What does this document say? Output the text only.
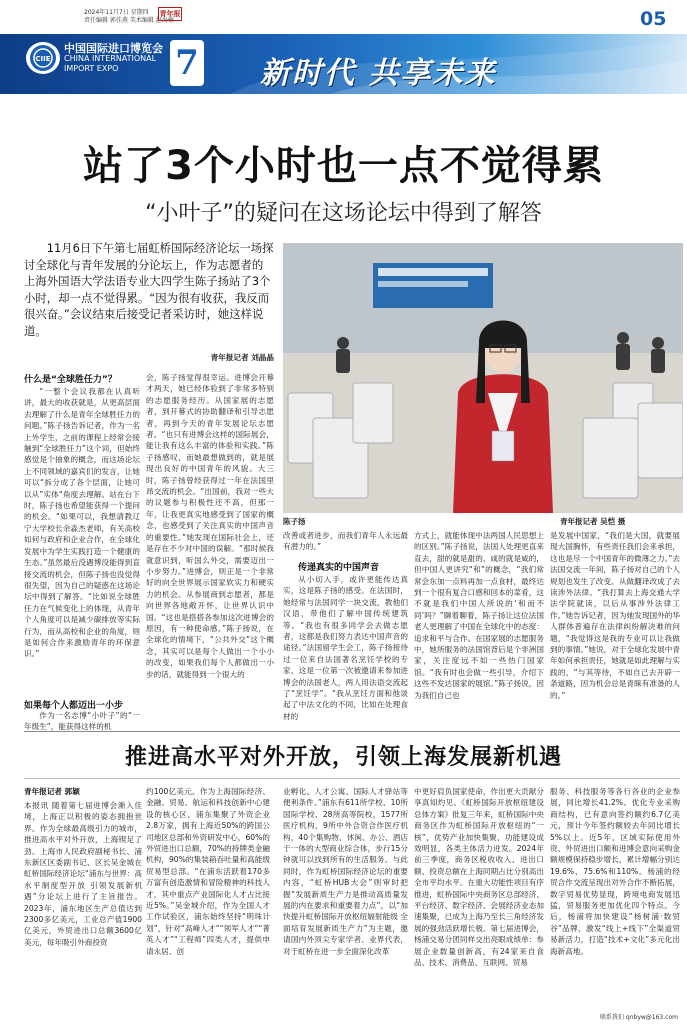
2024年11月7日 星期四
责任编辑 郭佳燕 美术编辑 赵海楠
青年报	05
CIIE
中国国际进口博览会
CHINA INTERNATIONAL
IMPORT EXPO	7 新时代 共享未来
站了3个小时也一点不觉得累
“小叶子”的疑问在这场论坛中得到了解答
11月6日下午第七届虹桥国际经济论坛一场探讨全球化与青年发展的分论坛上，作为志愿者的上海外国语大学法语专业大四学生陈子扬站了3个小时，却一点不觉得累。“因为很有收获，我反而很兴奋。”会议结束后接受记者采访时，她这样说道。
青年报记者 刘晶晶
陈子扬	青年报记者 吴恺 摄
什么是“全球胜任力”？
“一整个会议我都在认真听讲，最大的收获就是，从更高层面去理解了什么是青年全球胜任力的问题。”陈子扬告诉记者，作为一名上外学生，之前的课程上经常会接触到“全球胜任力”这个词，但始终感觉是个抽象的概念，而这场论坛上不同领域的嘉宾们的发言，让她可以“拆分成了各个层面，让她可以从”实体“角度去理解。站在台下时，陈子扬也希望能获得一个提问的机会。“如果可以，我想请教辽宁大学校长余淼杰老师，有关高校如何与政府和企业合作，在全球化发展中为学生实践打造一个健康的生态。”虽然最后没遇博没能得到直接交流的机会，但陈子扬也没觉得很失望，因为自己的疑惑在这场论坛中得到了解答。“比如说全球胜任力在气候变化上的体现，从青年个人角度可以是减少碳排放等实际行为，而从高校和企业的角度，则是如何合作来激励青年的环保意识。”
如果每个人都迈出一小步
作为一名志博“小叶子”的“一年级生”，能获得这样的机
会，陈子扬觉得很幸运。进博会开幕才两天，她已经体验到了非常多特别的志愿服务经历。从国家展的志愿者，到开幕式的协助翻译和引导志愿者，再到今天的青年发展论坛志愿者。“也只有进博会这样的国际展会，能让我有这么丰富的体验和实践。”陈子扬感叹，而她最想做到的，就是展现出良好的中国青年的风貌。大三时，陈子扬曾经获得过一年在法国里昂交流的机会。“出国前，我对一些大的议题参与积极性还不高，但那一年，让我更真实地感受到了国家的概念，也感受到了关注真实的中国声音的重要性。”她发现在国际社会上，还是存在不少对中国的误解。“那时候我就意识到，听国么外交，需要迈出一小步努力。”进博会，则正是一个非常好的向全世界展示国家软实力和硬实力的机会。从参展商到志愿者，都是向世界各地敞开怀，让世界认识中国。“这也是搭搭各参加这次进博会的原因，有一种使命感。”陈子扬说，在全球化的情境下，“公共外交”这个概念，其实可以是每个人做出一个小小的改变，如果我们每个人都做出一小步的话，就能得到一个很大的
改善或者进步，而我们青年人永远最有潜力的。”
传递真实的中国声音
从小切入手，或许更能传达真实，这是陈子扬的感受。在法国时，她经常与法国同学一块交流，教他们汉语，带他们了解中国传统建筑等。“我也有很多同学会去做志愿者，这都是我们努力表达中国声音的途径。”法国留学生会工，陈子扬接待过一位来自法国著名烹饪学校的专家，这是一位第一次被邀请来参加进博会的法国老人，两人用法语交流起了“烹饪学”。“我从烹饪方面和他谈起了中法文化的不同，比如在处理食材的
方式上，就能体现中法两国人民思想上的区别。”陈子扬说，法国人处理更直来直去，甜的就是甜的，咸的就是咸的，但中国人更讲究“和”的概念，“我们常常会东加一点料再加一点食材，最终达到一个很有复合口感和回本的菜肴，这不就是我们中国人所说的‘和而不同’吗？”聊着聊着，陈子扬让这位法国老人更理解了中国在全球化中的态度：追求和平与合作。在国家展的志愿服务中，她所服务的法国馆背后是个非洲国家，关注度远不如一些热门国家馆。“我有时也会做一些引导，介绍下这些不发达国家的展馆。”陈子扬说，因为我们自己也
是发展中国家，“我们是大国，就要展现大国胸怀，有些责任我们会来承担，这也是尽一个中国青年的微薄之力。”去法国交流一年间，陈子扬对自己的个人规划也发生了改变。从做翻译改成了去读涉外法律。“我打算去上海交通大学法学院就读，以后从事涉外法律工作。”她告诉记者，因为她发现国外的华人群体普遍存在法律纠纷解决难的问题，“我觉得这是我的专业可以让我做到的事情。”她说，对于全球化发展中青年如何承担责任，她就是如此理解与实践的，“与其等待，不如自己去开辟一条道路，因为机会总是青睐有准备的人的。”
推进高水平对外开放，引领上海发展新机遇
青年报记者 郭颖
本报讯 随着第七届进博会渐入佳境，上海正以积极的姿态拥抱世界。作为全球最高级引力的城市，推进高水平对外开放，上海锲足了劲。上海市人民政府副秘书长、浦东新区区委副书记、区长吴金城在虹桥国际经济论坛“浦东与世界：高水平制度型开放 引领发展新机遇”分论坛上进行了主旨报告。2023年，浦东地区生产总值达到2300多亿美元，工业总产值1900亿美元，外贸进出口总额3600亿美元，每年吸引外商投资
约100亿美元。作为上海国际经济、金融、贸易、航运和科技创新中心建设的核心区，浦东集聚了外资企业2.8万家，拥有上海近50%的跨国公司地区总部和外资研发中心，60%的外贸进出口总额，70%的持牌类金融机构，90%的集装箱吞吐量和高能级贸易型总部。“在浦东活跃着170多万富有创造激情和冒险精神的科技人才，其中重点产业国际化人才占比接近5%。”吴金城介绍，作为全国人才工作试验区，浦东始终坚持“明珠计划”，针对“高峰人才”“领军人才”“菁英人才”“工程师”四类人才，提供申请永居、创
业孵化、人才公寓、国际人才驿站等便利条件。”浦东有611所学校、10所国际学校、28所高等院校，1577所医疗机构，9所中外合资合作医疗机构，40个集购物、休闲、办公、酒店于一体的大型商业综合体，步行15分钟就可以找到所有的生活服务。与此同时，作为虹桥国际经济论坛的重要内容，“虹桥HUB大会”则审时把握“发展新质生产力是推动高质量发展的内在要求和重要着力点”，以“加快提升虹桥国际开放枢纽辐射能级 全面培育发展新质生产力”为主题，邀请国内外顶尖专家学者、业界代表，对于虹桥在进一步全面深化改革
中更好肩负国家使命，作出更大贡献分享真知灼见。《虹桥国际开放枢纽建设总体方案》批复三年来，虹桥国际中央商务区作为虹桥国际开放枢纽的“一核”，优势产业加快集聚，功能建设成效明显，各类主体活力迸发。2024年前三季度，商务区税收收入、进出口额、投资总额在上海同期占比分别高出全市平均水平。在重大功能性项目有序推进，虹桥国际中央商务区总部经济、平台经济、数字经济、会展经济业态加速集聚，已成为上海乃至长三角经济发展的强劲活跃增长极。第七届进博会，杨浦交易分团同样交出亮眼成绩单：参展企业数量创新高，有24家来自食品、技术、消费品、互联网、贸易
服务、科技服务等各行各业的企业参展，同比增长41.2%。优化专业采购商结构，已有意向签约额约6.7亿美元，预计今年签约额较去年同比增长5%以上。近5年，区域实际使用外资、外贸进出口额和进博会意向采购金额规模保持稳步增长，累计增幅分别达19.6%、75.6%和110%。杨浦的经贸合作交流呈现出对外合作不断拓展，数字贸易优势显现，跨境电商发展迅猛，贸易服务更加优化四个特点。今后，杨浦将加快建设“杨树浦·数贸谷”品牌，激发“线上+线下”全渠道贸易新活力，打造“技术+文化”多元化出海新高地。
联系我们 qnbyw@163.com
